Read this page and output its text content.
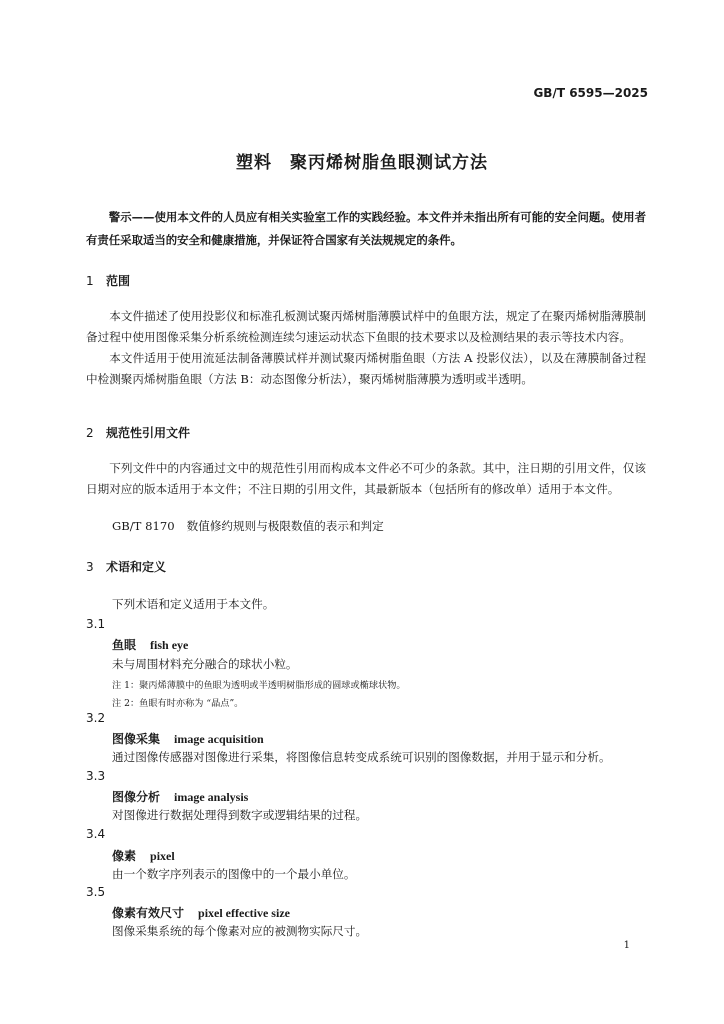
GB/T 6595—2025
塑料 聚丙烯树脂鱼眼测试方法

警示——使用本文件的人员应有相关实验室工作的实践经验。本文件并未指出所有可能的安全问题。使用者有责任采取适当的安全和健康措施，并保证符合国家有关法规规定的条件。

1 范围

本文件描述了使用投影仪和标准孔板测试聚丙烯树脂薄膜试样中的鱼眼方法，规定了在聚丙烯树脂薄膜制备过程中使用图像采集分析系统检测连续匀速运动状态下鱼眼的技术要求以及检测结果的表示等技术内容。

本文件适用于使用流延法制备薄膜试样并测试聚丙烯树脂鱼眼（方法 A 投影仪法），以及在薄膜制备过程中检测聚丙烯树脂鱼眼（方法 B：动态图像分析法），聚丙烯树脂薄膜为透明或半透明。

2 规范性引用文件

下列文件中的内容通过文中的规范性引用而构成本文件必不可少的条款。其中，注日期的引用文件，仅该日期对应的版本适用于本文件；不注日期的引用文件，其最新版本（包括所有的修改单）适用于本文件。

GB/T 8170 数值修约规则与极限数值的表示和判定
3 术语和定义
下列术语和定义适用于本文件。
3.1
鱼眼 fish eye
未与周围材料充分融合的球状小粒。
注 1：聚丙烯薄膜中的鱼眼为透明或半透明树脂形成的圆球或椭球状物。
注 2：鱼眼有时亦称为 “晶点”。
3.2
图像采集 image acquisition
通过图像传感器对图像进行采集，将图像信息转变成系统可识别的图像数据，并用于显示和分析。
3.3
图像分析 image analysis
对图像进行数据处理得到数字或逻辑结果的过程。
3.4
像素 pixel
由一个数字序列表示的图像中的一个最小单位。
3.5
像素有效尺寸 pixel effective size
图像采集系统的每个像素对应的被测物实际尺寸。
1
